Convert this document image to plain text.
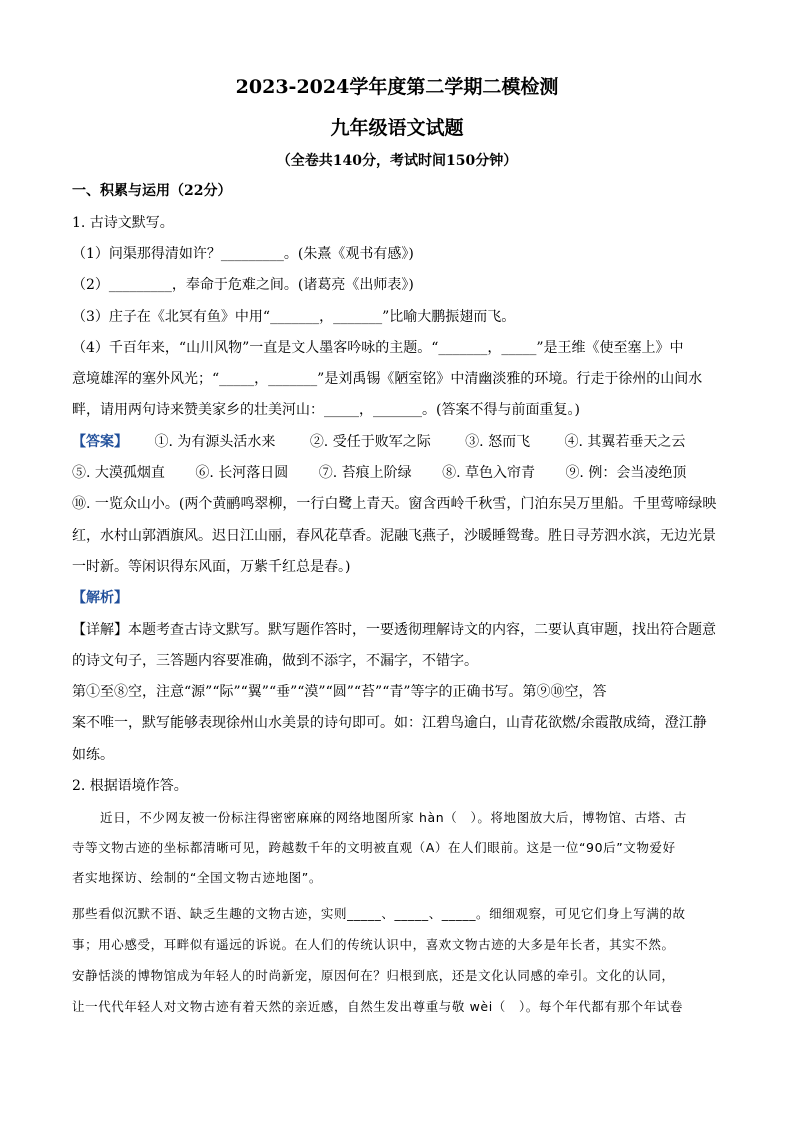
2023-2024学年度第二学期二模检测
九年级语文试题
（全卷共140分，考试时间150分钟）
一、积累与运用（22分）
1. 古诗文默写。
（1）问渠那得清如许？_________。(朱熹《观书有感》)
（2）_________，奉命于危难之间。(诸葛亮《出师表》)
（3）庄子在《北冥有鱼》中用“_______，_______”比喻大鹏振翅而飞。
（4）千百年来，“山川风物”一直是文人墨客吟咏的主题。“_______，_____”是王维《使至塞上》中
意境雄浑的塞外风光；“_____，_______”是刘禹锡《陋室铭》中清幽淡雅的环境。行走于徐州的山间水
畔，请用两句诗来赞美家乡的壮美河山：_____，_______。(答案不得与前面重复。)
【答案】 ①. 为有源头活水来 ②. 受任于败军之际 ③. 怒而飞 ④. 其翼若垂天之云
⑤. 大漠孤烟直 ⑥. 长河落日圆 ⑦. 苔痕上阶绿 ⑧. 草色入帘青 ⑨. 例：会当凌绝顶
⑩. 一览众山小。(两个黄鹂鸣翠柳，一行白鹭上青天。窗含西岭千秋雪，门泊东吴万里船。千里莺啼绿映
红，水村山郭酒旗风。迟日江山丽，春风花草香。泥融飞燕子，沙暖睡鸳鸯。胜日寻芳泗水滨，无边光景
一时新。等闲识得东风面，万紫千红总是春。)
【解析】
【详解】本题考查古诗文默写。默写题作答时，一要透彻理解诗文的内容，二要认真审题，找出符合题意
的诗文句子，三答题内容要准确，做到不添字，不漏字，不错字。
第①至⑧空，注意“源”“际”“翼”“垂”“漠”“圆”“苔”“青”等字的正确书写。第⑨⑩空，答
案不唯一，默写能够表现徐州山水美景的诗句即可。如：江碧鸟逾白，山青花欲燃/余霞散成绮，澄江静
如练。
2. 根据语境作答。
近日，不少网友被一份标注得密密麻麻的网络地图所家 hàn（　）。将地图放大后，博物馆、古塔、古
寺等文物古迹的坐标都清晰可见，跨越数千年的文明被直观（A）在人们眼前。这是一位“90后”文物爱好
者实地探访、绘制的“全国文物古迹地图”。
那些看似沉默不语、缺乏生趣的文物古迹，实则_____、_____、_____。细细观察，可见它们身上写满的故
事；用心感受，耳畔似有遥远的诉说。在人们的传统认识中，喜欢文物古迹的大多是年长者，其实不然。
安静恬淡的博物馆成为年轻人的时尚新宠，原因何在？归根到底，还是文化认同感的牵引。文化的认同，
让一代代年轻人对文物古迹有着天然的亲近感，自然生发出尊重与敬 wèi（　）。每个年代都有那个年试卷
